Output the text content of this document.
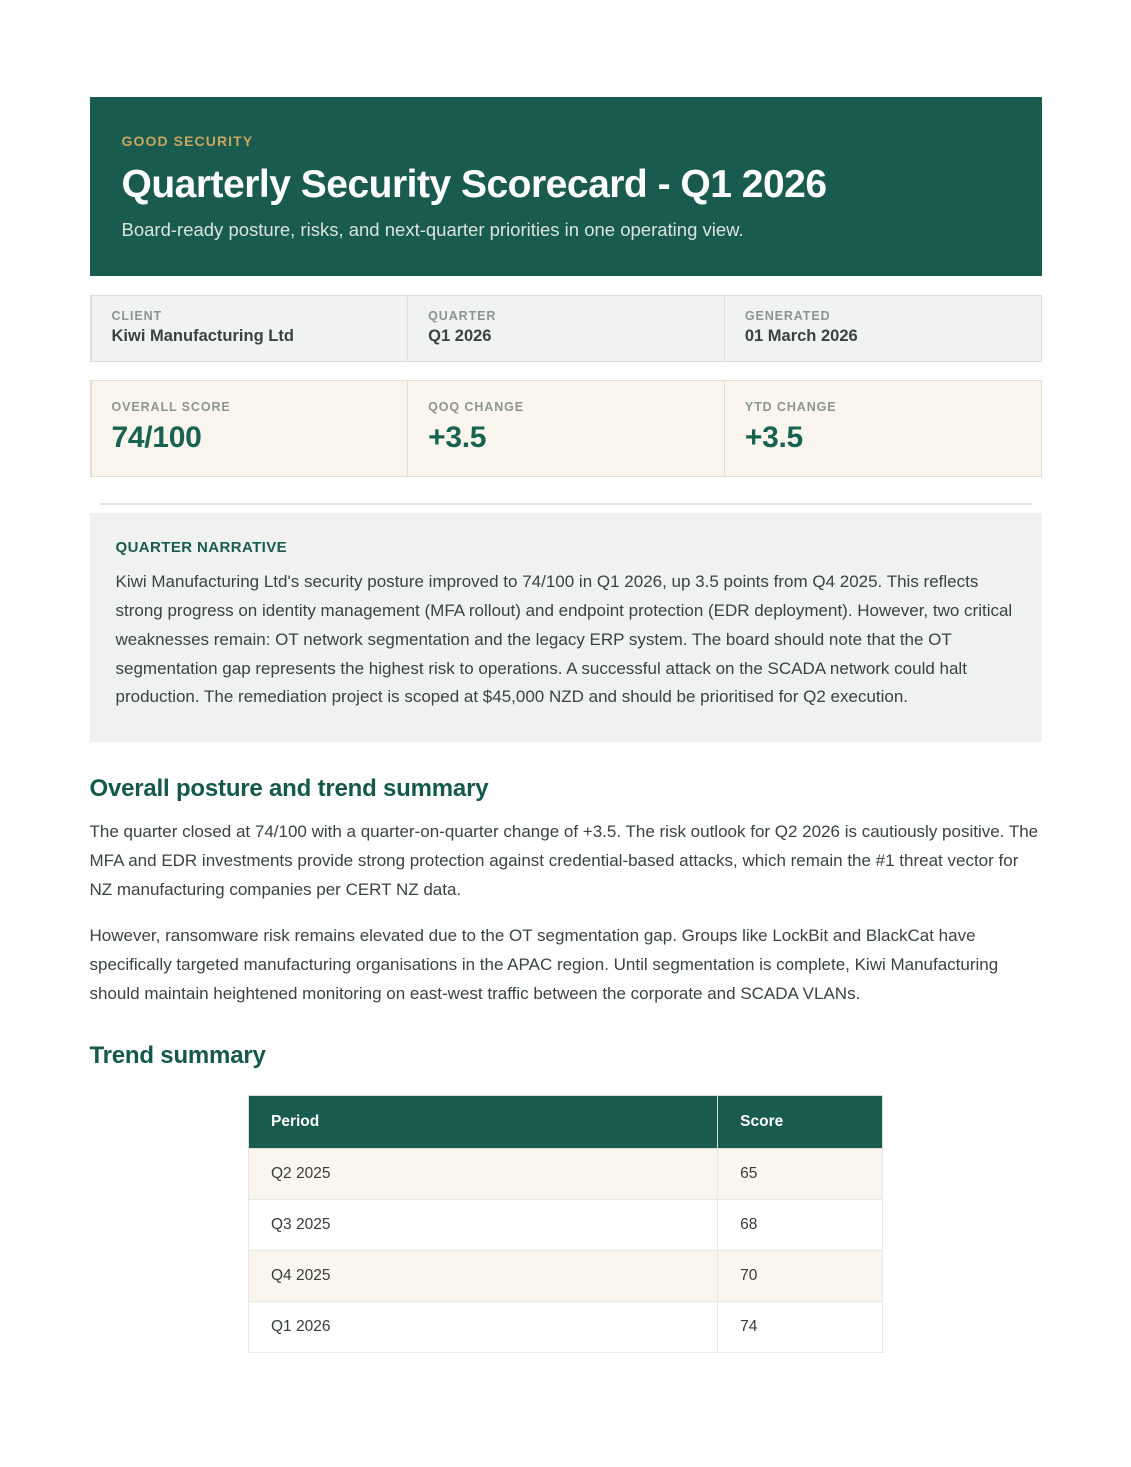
GOOD SECURITY
Quarterly Security Scorecard - Q1 2026
Board-ready posture, risks, and next-quarter priorities in one operating view.
CLIENT
Kiwi Manufacturing Ltd
QUARTER
Q1 2026
GENERATED
01 March 2026
OVERALL SCORE
74/100
QOQ CHANGE
+3.5
YTD CHANGE
+3.5
QUARTER NARRATIVE

Kiwi Manufacturing Ltd's security posture improved to 74/100 in Q1 2026, up 3.5 points from Q4 2025. This reflects strong progress on identity management (MFA rollout) and endpoint protection (EDR deployment). However, two critical weaknesses remain: OT network segmentation and the legacy ERP system. The board should note that the OT segmentation gap represents the highest risk to operations. A successful attack on the SCADA network could halt production. The remediation project is scoped at $45,000 NZD and should be prioritised for Q2 execution.

Overall posture and trend summary

The quarter closed at 74/100 with a quarter-on-quarter change of +3.5. The risk outlook for Q2 2026 is cautiously positive. The MFA and EDR investments provide strong protection against credential-based attacks, which remain the #1 threat vector for NZ manufacturing companies per CERT NZ data.

However, ransomware risk remains elevated due to the OT segmentation gap. Groups like LockBit and BlackCat have specifically targeted manufacturing organisations in the APAC region. Until segmentation is complete, Kiwi Manufacturing should maintain heightened monitoring on east-west traffic between the corporate and SCADA VLANs.

Trend summary
Period	Score
Q2 2025	65
Q3 2025	68
Q4 2025	70
Q1 2026	74
